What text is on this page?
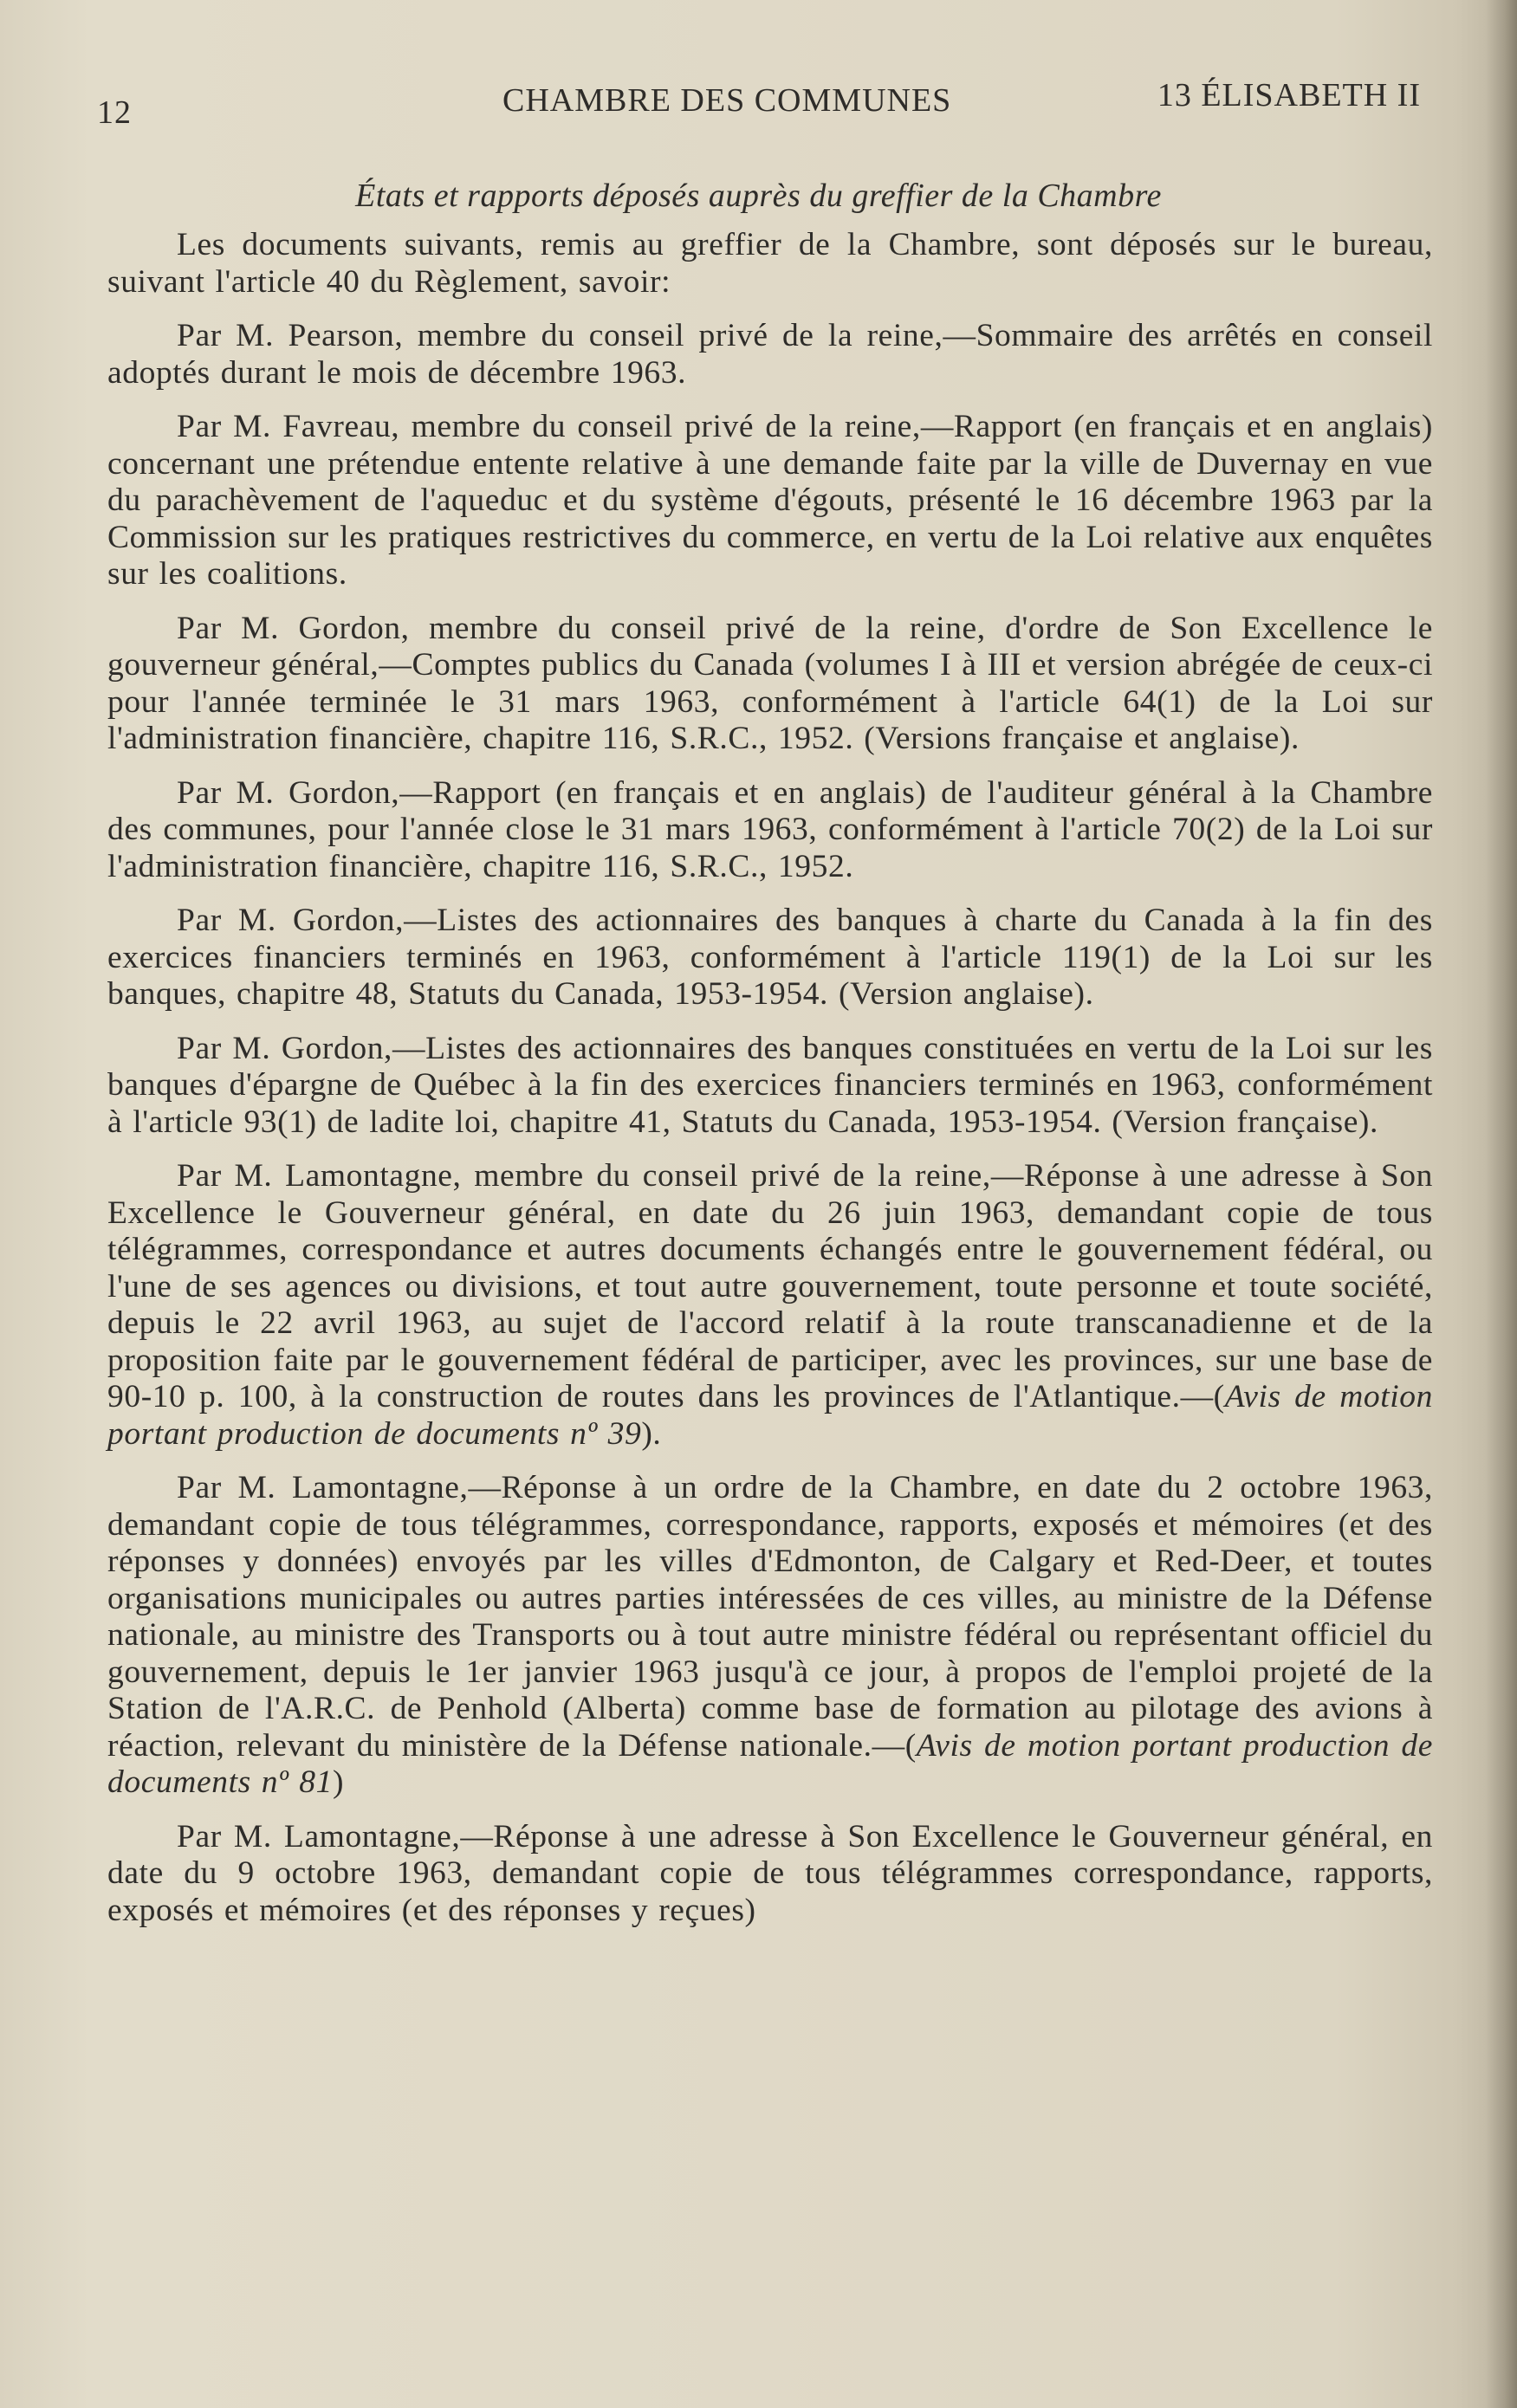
12	CHAMBRE DES COMMUNES	13 ÉLISABETH II
États et rapports déposés auprès du greffier de la Chambre

Les documents suivants, remis au greffier de la Chambre, sont déposés sur le bureau, suivant l'article 40 du Règlement, savoir:

Par M. Pearson, membre du conseil privé de la reine,—Sommaire des arrêtés en conseil adoptés durant le mois de décembre 1963.

Par M. Favreau, membre du conseil privé de la reine,—Rapport (en français et en anglais) concernant une prétendue entente relative à une demande faite par la ville de Duvernay en vue du parachèvement de l'aqueduc et du système d'égouts, présenté le 16 décembre 1963 par la Commission sur les pratiques restrictives du commerce, en vertu de la Loi relative aux enquêtes sur les coalitions.

Par M. Gordon, membre du conseil privé de la reine, d'ordre de Son Excellence le gouverneur général,—Comptes publics du Canada (volumes I à III et version abrégée de ceux-ci pour l'année terminée le 31 mars 1963, conformément à l'article 64(1) de la Loi sur l'administration financière, chapitre 116, S.R.C., 1952. (Versions française et anglaise).

Par M. Gordon,—Rapport (en français et en anglais) de l'auditeur général à la Chambre des communes, pour l'année close le 31 mars 1963, conformément à l'article 70(2) de la Loi sur l'administration financière, chapitre 116, S.R.C., 1952.

Par M. Gordon,—Listes des actionnaires des banques à charte du Canada à la fin des exercices financiers terminés en 1963, conformément à l'article 119(1) de la Loi sur les banques, chapitre 48, Statuts du Canada, 1953-1954. (Version anglaise).

Par M. Gordon,—Listes des actionnaires des banques constituées en vertu de la Loi sur les banques d'épargne de Québec à la fin des exercices financiers terminés en 1963, conformément à l'article 93(1) de ladite loi, chapitre 41, Statuts du Canada, 1953-1954. (Version française).

Par M. Lamontagne, membre du conseil privé de la reine,—Réponse à une adresse à Son Excellence le Gouverneur général, en date du 26 juin 1963, demandant copie de tous télégrammes, correspondance et autres documents échangés entre le gouvernement fédéral, ou l'une de ses agences ou divisions, et tout autre gouvernement, toute personne et toute société, depuis le 22 avril 1963, au sujet de l'accord relatif à la route transcanadienne et de la proposition faite par le gouvernement fédéral de participer, avec les provinces, sur une base de 90-10 p. 100, à la construction de routes dans les provinces de l'Atlantique.—(Avis de motion portant production de documents nº 39).

Par M. Lamontagne,—Réponse à un ordre de la Chambre, en date du 2 octobre 1963, demandant copie de tous télégrammes, correspondance, rapports, exposés et mémoires (et des réponses y données) envoyés par les villes d'Edmonton, de Calgary et Red-Deer, et toutes organisations municipales ou autres parties intéressées de ces villes, au ministre de la Défense nationale, au ministre des Transports ou à tout autre ministre fédéral ou représentant officiel du gouvernement, depuis le 1er janvier 1963 jusqu'à ce jour, à propos de l'emploi projeté de la Station de l'A.R.C. de Penhold (Alberta) comme base de formation au pilotage des avions à réaction, relevant du ministère de la Défense nationale.—(Avis de motion portant production de documents nº 81)

Par M. Lamontagne,—Réponse à une adresse à Son Excellence le Gouverneur général, en date du 9 octobre 1963, demandant copie de tous télégrammes correspondance, rapports, exposés et mémoires (et des réponses y reçues)
